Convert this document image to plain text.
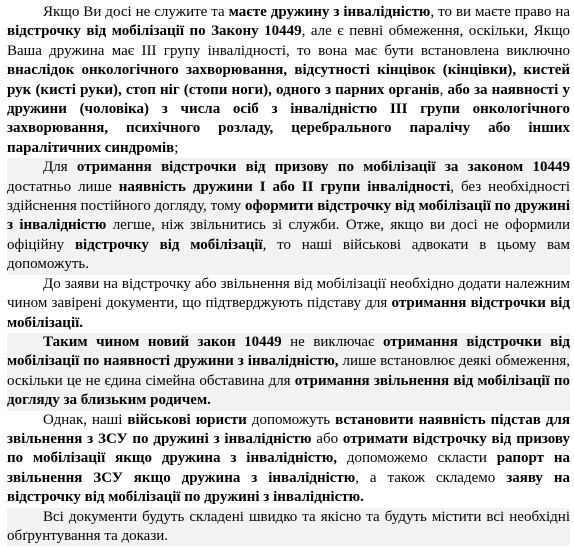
Якщо Ви досі не служите та маєте дружину з інвалідністю, то ви маєте право на відстрочку від мобілізації по Закону 10449, але є певні обмеження, оскільки, Якщо Ваша дружина має ІІІ групу інвалідності, то вона має бути встановлена виключно внаслідок онкологічного захворювання, відсутності кінцівок (кінцівки), кистей рук (кисті руки), стоп ніг (стопи ноги), одного з парних органів, або за наявності у дружини (чоловіка) з числа осіб з інвалідністю ІІІ групи онкологічного захворювання, психічного розладу, церебрального паралічу або інших паралітичних синдромів;

Для отримання відстрочки від призову по мобілізації за законом 10449 достатньо лише наявність дружини І або ІІ групи інвалідності, без необхідності здійснення постійного догляду, тому оформити відстрочку від мобілізації по дружині з інвалідністю легше, ніж звільнитись зі служби. Отже, якщо ви досі не оформили офіційну відстрочку від мобілізації, то наші військові адвокати в цьому вам допоможуть.

До заяви на відстрочку або звільнення від мобілізації необхідно додати належним чином завірені документи, що підтверджують підставу для отримання відстрочки від мобілізації.

Таким чином новий закон 10449 не виключає отримання відстрочки від мобілізації по наявності дружини з інвалідністю, лише встановлює деякі обмеження, оскільки це не єдина сімейна обставина для отримання звільнення від мобілізації по догляду за близьким родичем.

Однак, наші військові юристи допоможуть встановити наявність підстав для звільнення з ЗСУ по дружині з інвалідністю або отримати відстрочку від призову по мобілізації якщо дружина з інвалідністю, допоможемо скласти рапорт на звільнення ЗСУ якщо дружина з інвалідністю, а також складемо заяву на відстрочку від мобілізації по дружині з інвалідністю.

Всі документи будуть складені швидко та якісно та будуть містити всі необхідні обґрунтування та докази.
